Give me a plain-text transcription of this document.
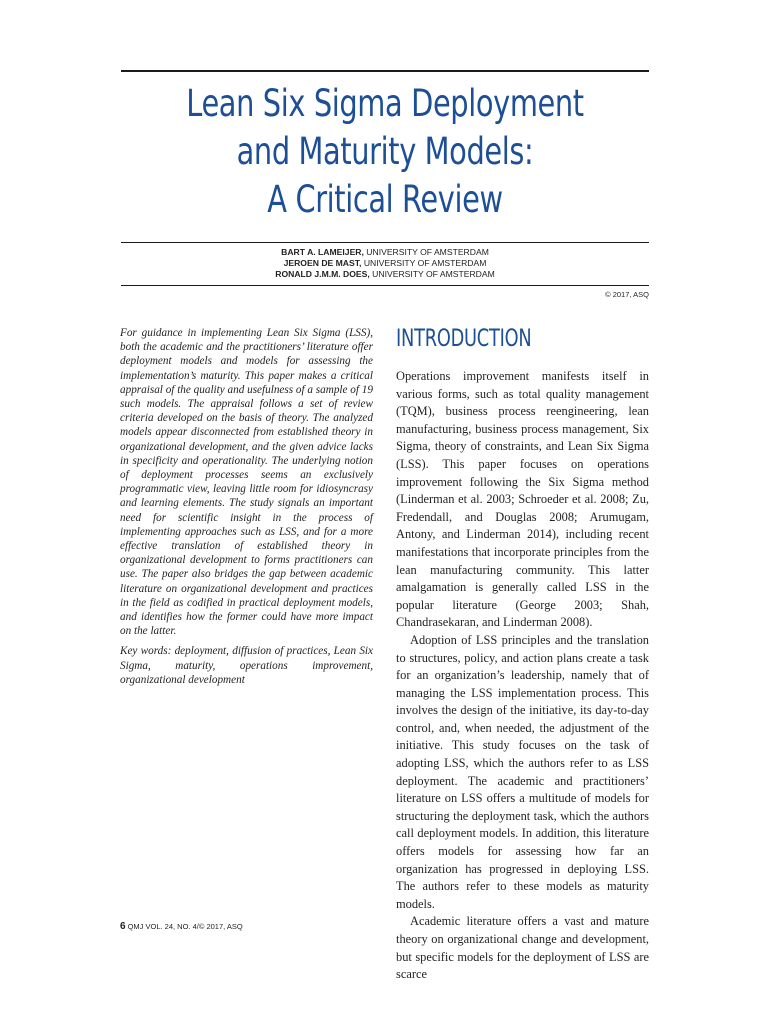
Lean Six Sigma Deployment
and Maturity Models:
A Critical Review
BART A. LAMEIJER, UNIVERSITY OF AMSTERDAM
JEROEN DE MAST, UNIVERSITY OF AMSTERDAM
RONALD J.M.M. DOES, UNIVERSITY OF AMSTERDAM
© 2017, ASQ

For guidance in implementing Lean Six Sigma (LSS), both the academic and the practitioners’ literature offer deployment models and models for assessing the implementation’s maturity. This paper makes a critical appraisal of the quality and usefulness of a sample of 19 such models. The appraisal follows a set of review criteria developed on the basis of theory. The analyzed models appear disconnected from established theory in organizational development, and the given advice lacks in specificity and operationality. The underlying notion of deployment processes seems an exclusively programmatic view, leaving little room for idiosyncrasy and learning elements. The study signals an important need for scientific insight in the process of implementing approaches such as LSS, and for a more effective translation of established theory in organizational development to forms practitioners can use. The paper also bridges the gap between academic literature on organizational development and practices in the field as codified in practical deployment models, and identifies how the former could have more impact on the latter.

Key words: deployment, diffusion of practices, Lean Six Sigma, maturity, operations improvement, organizational development

INTRODUCTION

Operations improvement manifests itself in various forms, such as total quality management (TQM), business process reengineering, lean manufacturing, business process management, Six Sigma, theory of constraints, and Lean Six Sigma (LSS). This paper focuses on operations improvement following the Six Sigma method (Linderman et al. 2003; Schroeder et al. 2008; Zu, Fredendall, and Douglas 2008; Arumugam, Antony, and Linderman 2014), including recent manifestations that incorporate principles from the lean manufacturing community. This latter amalgamation is generally called LSS in the popular literature (George 2003; Shah, Chandrasekaran, and Linderman 2008).

Adoption of LSS principles and the translation to structures, policy, and action plans create a task for an organization’s leadership, namely that of managing the LSS implementation process. This involves the design of the initiative, its day-to-day control, and, when needed, the adjustment of the initiative. This study focuses on the task of adopting LSS, which the authors refer to as LSS deployment. The academic and practitioners’ literature on LSS offers a multitude of models for structuring the deployment task, which the authors call deployment models. In addition, this literature offers models for assessing how far an organization has progressed in deploying LSS. The authors refer to these models as maturity models.

Academic literature offers a vast and mature theory on organizational change and development, but specific models for the deployment of LSS are scarce

6 QMJ VOL. 24, NO. 4/© 2017, ASQ
